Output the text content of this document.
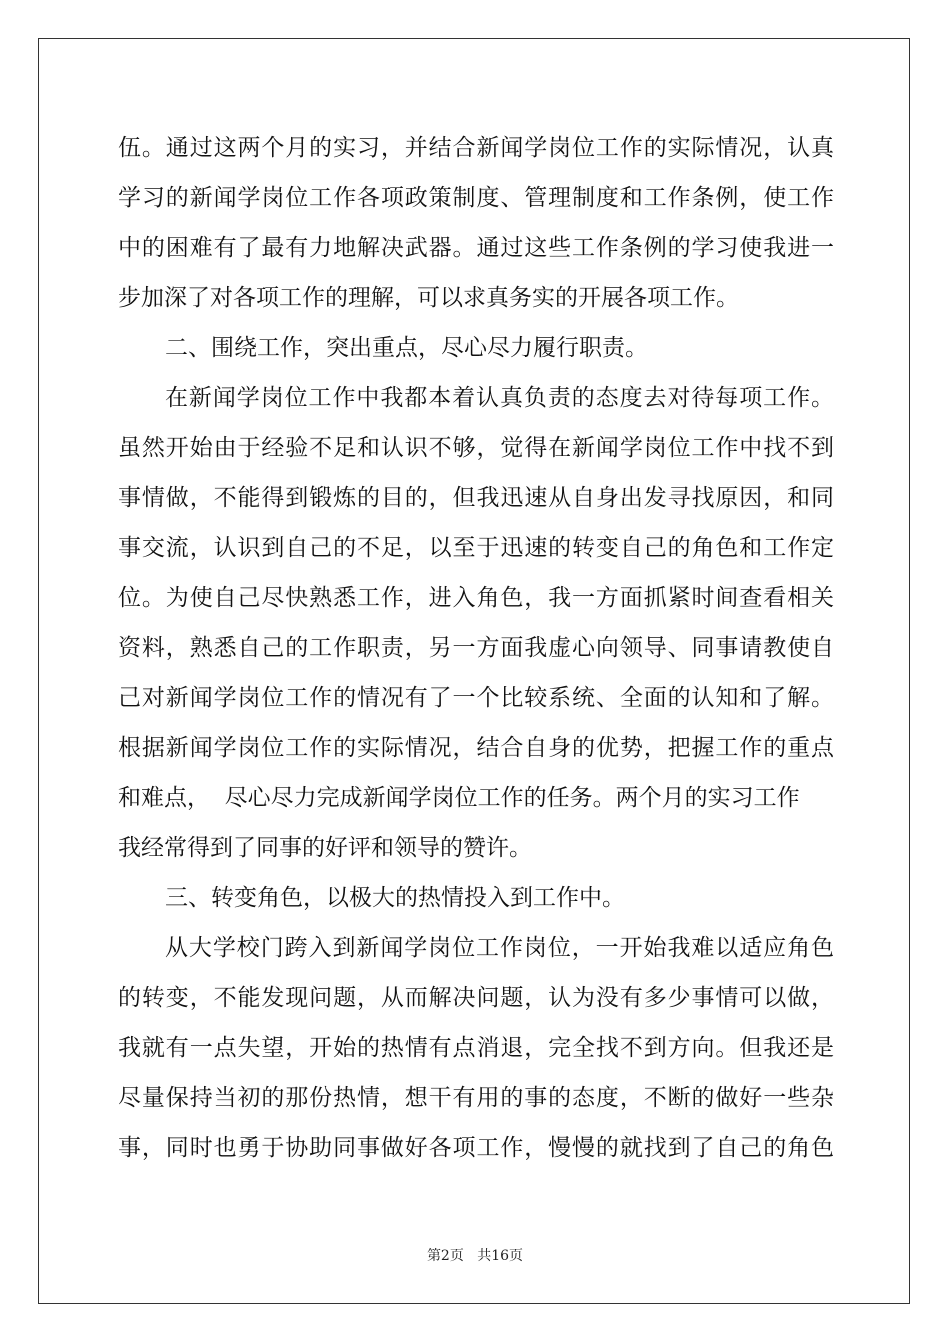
伍。通过这两个月的实习，并结合新闻学岗位工作的实际情况，认真
学习的新闻学岗位工作各项政策制度、管理制度和工作条例，使工作
中的困难有了最有力地解决武器。通过这些工作条例的学习使我进一
步加深了对各项工作的理解，可以求真务实的开展各项工作。
二、围绕工作，突出重点，尽心尽力履行职责。
在新闻学岗位工作中我都本着认真负责的态度去对待每项工作。
虽然开始由于经验不足和认识不够，觉得在新闻学岗位工作中找不到
事情做，不能得到锻炼的目的，但我迅速从自身出发寻找原因，和同
事交流，认识到自己的不足，以至于迅速的转变自己的角色和工作定
位。为使自己尽快熟悉工作，进入角色，我一方面抓紧时间查看相关
资料，熟悉自己的工作职责，另一方面我虚心向领导、同事请教使自
己对新闻学岗位工作的情况有了一个比较系统、全面的认知和了解。
根据新闻学岗位工作的实际情况，结合自身的优势，把握工作的重点
和难点，  尽心尽力完成新闻学岗位工作的任务。两个月的实习工作
我经常得到了同事的好评和领导的赞许。
三、转变角色，以极大的热情投入到工作中。
从大学校门跨入到新闻学岗位工作岗位，一开始我难以适应角色
的转变，不能发现问题，从而解决问题，认为没有多少事情可以做，
我就有一点失望，开始的热情有点消退，完全找不到方向。但我还是
尽量保持当初的那份热情，想干有用的事的态度，不断的做好一些杂
事，同时也勇于协助同事做好各项工作，慢慢的就找到了自己的角色
第2页 共16页
